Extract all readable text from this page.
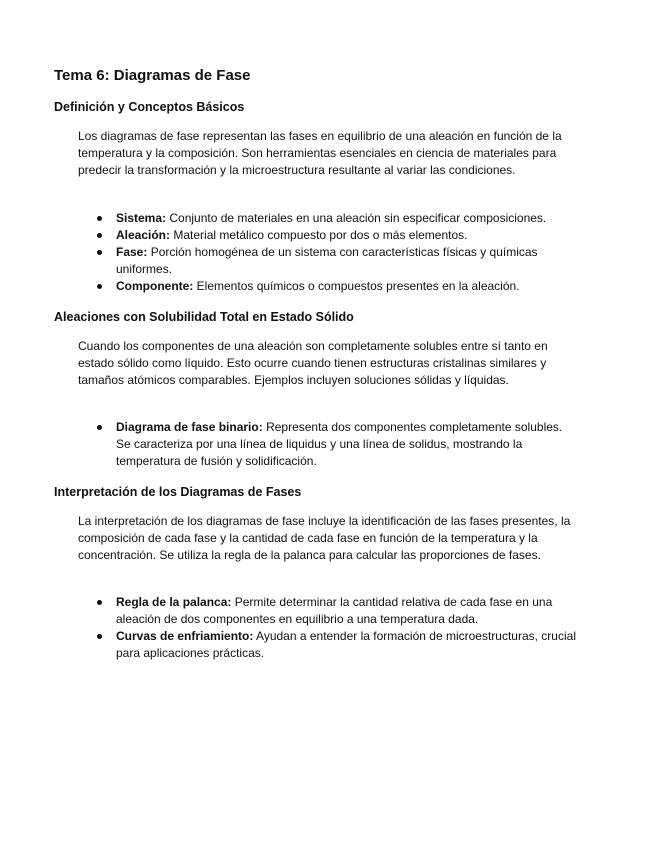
Tema 6: Diagramas de Fase
Definición y Conceptos Básicos

Los diagramas de fase representan las fases en equilibrio de una aleación en función de la temperatura y la composición. Son herramientas esenciales en ciencia de materiales para predecir la transformación y la microestructura resultante al variar las condiciones.

Sistema: Conjunto de materiales en una aleación sin especificar composiciones.
Aleación: Material metálico compuesto por dos o más elementos.
Fase: Porción homogénea de un sistema con características físicas y químicas uniformes.
Componente: Elementos químicos o compuestos presentes en la aleación.
Aleaciones con Solubilidad Total en Estado Sólido

Cuando los componentes de una aleación son completamente solubles entre sí tanto en estado sólido como líquido. Esto ocurre cuando tienen estructuras cristalinas similares y tamaños atómicos comparables. Ejemplos incluyen soluciones sólidas y líquidas.

Diagrama de fase binario: Representa dos componentes completamente solubles. Se caracteriza por una línea de liquidus y una línea de solidus, mostrando la temperatura de fusión y solidificación.
Interpretación de los Diagramas de Fases

La interpretación de los diagramas de fase incluye la identificación de las fases presentes, la composición de cada fase y la cantidad de cada fase en función de la temperatura y la concentración. Se utiliza la regla de la palanca para calcular las proporciones de fases.

Regla de la palanca: Permite determinar la cantidad relativa de cada fase en una aleación de dos componentes en equilibrio a una temperatura dada.
Curvas de enfriamiento: Ayudan a entender la formación de microestructuras, crucial para aplicaciones prácticas.
